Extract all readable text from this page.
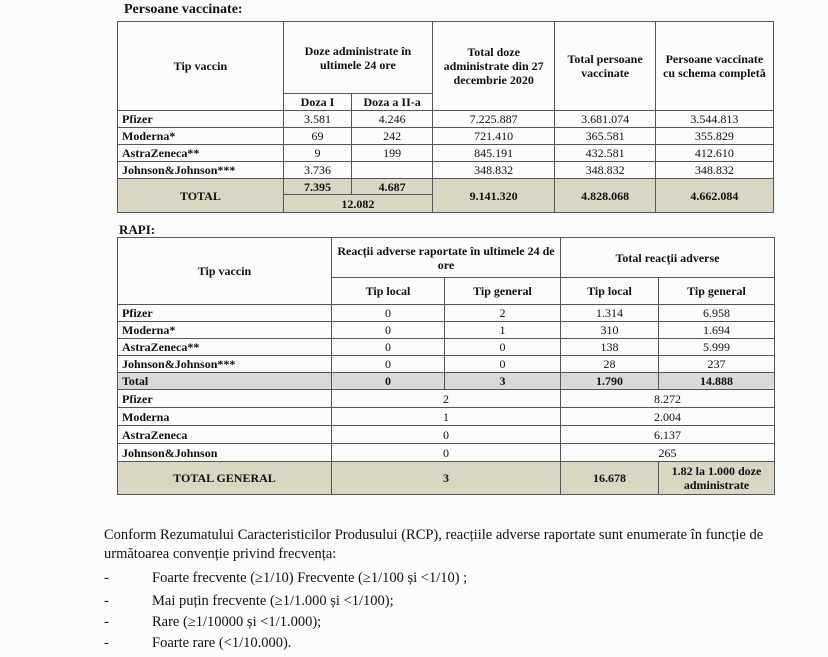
Persoane vaccinate:
Tip vaccin	Doze administrate în ultimele 24 ore		Total doze administrate din 27 decembrie 2020	Total persoane vaccinate	Persoane vaccinate cu schema completă
	Doza I	Doza a II-a			
Pfizer	3.581	4.246	7.225.887	3.681.074	3.544.813
Moderna*	69	242	721.410	365.581	355.829
AstraZeneca**	9	199	845.191	432.581	412.610
Johnson&Johnson***	3.736		348.832	348.832	348.832
TOTAL	7.395	4.687	9.141.320	4.828.068	4.662.084
	12.082				
RAPI:
Tip vaccin	Reacții adverse raportate în ultimele 24 de ore		Total reacții adverse	
	Tip local	Tip general	Tip local	Tip general
Pfizer	0	2	1.314	6.958
Moderna*	0	1	310	1.694
AstraZeneca**	0	0	138	5.999
Johnson&Johnson***	0	0	28	237
Total	0	3	1.790	14.888
Pfizer	2		8.272	
Moderna	1		2.004	
AstraZeneca	0		6.137	
Johnson&Johnson	0		265	
TOTAL GENERAL	3		16.678	1.82 la 1.000 doze administrate
Conform Rezumatului Caracteristicilor Produsului (RCP), reacțiile adverse raportate sunt enumerate în funcție de următoarea convenție privind frecvența:
-	Foarte frecvente (≥1/10) Frecvente (≥1/100 și <1/10) ;
-	Mai puțin frecvente (≥1/1.000 și <1/100);
-	Rare (≥1/10000 și <1/1.000);
-	Foarte rare (<1/10.000).
